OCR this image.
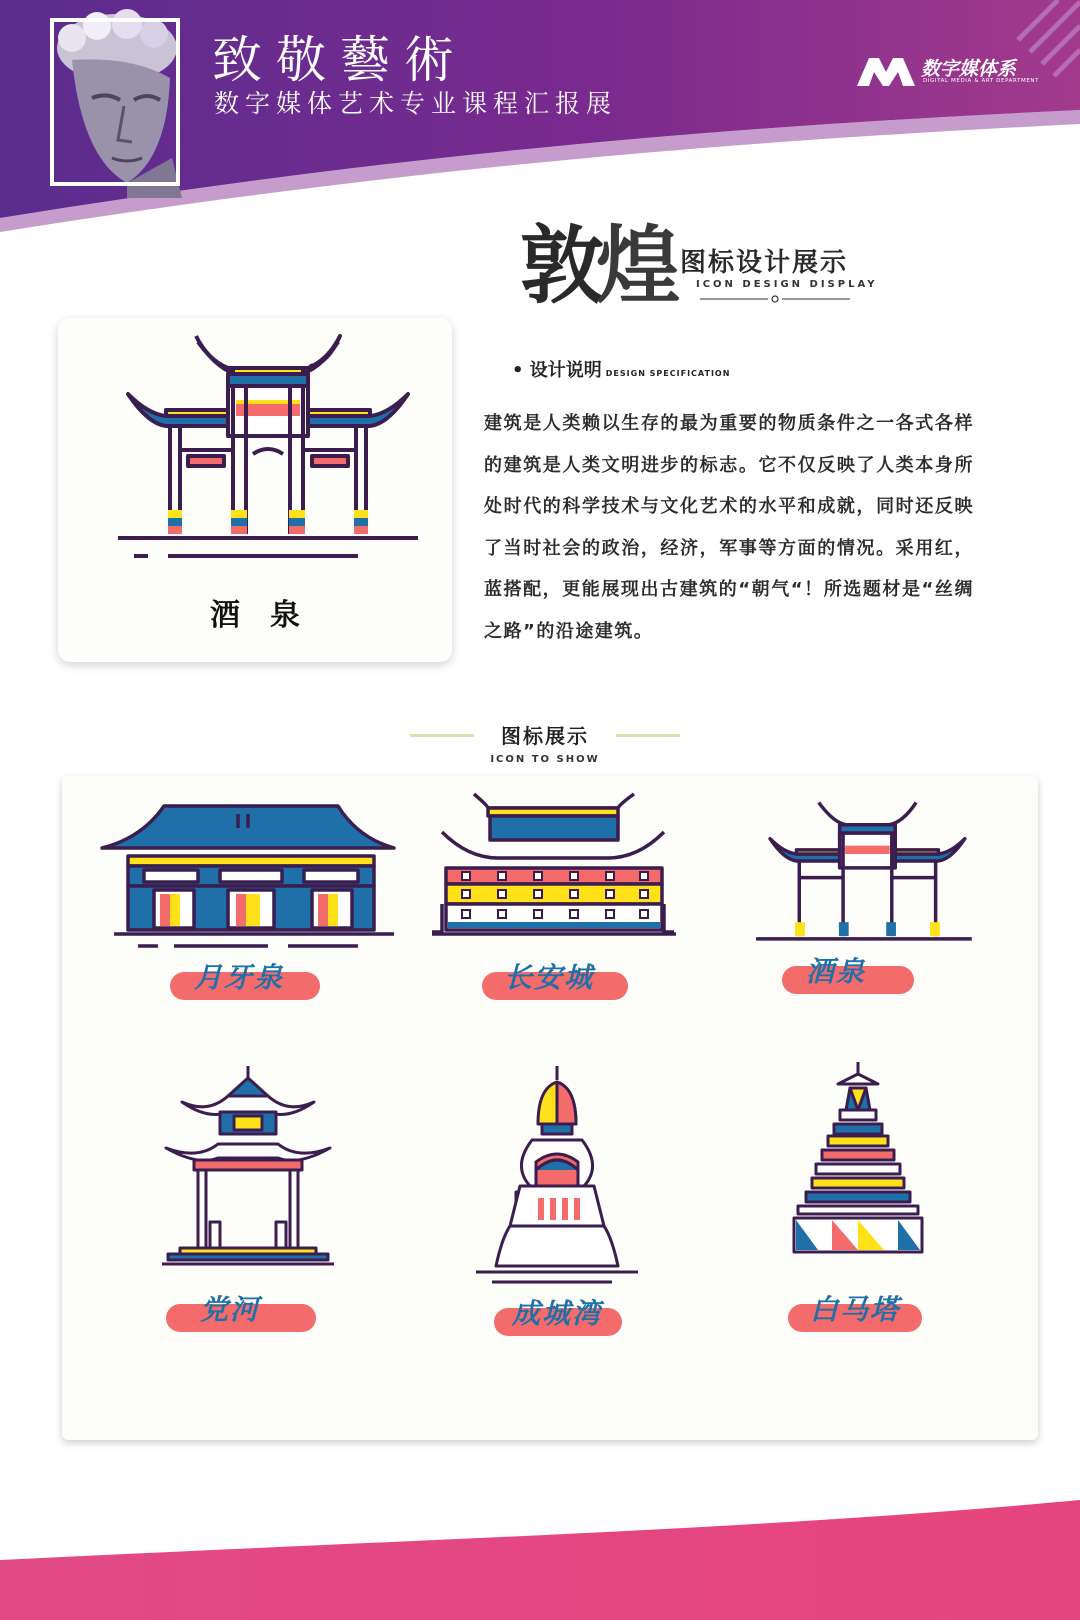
致敬藝術
数字媒体艺术专业课程汇报展
数字媒体系
DIGITAL MEDIA & ART DEPARTMENT
敦煌 图标设计展示
ICON DESIGN DISPLAY
酒泉
• 设计说明 DESIGN SPECIFICATION
建筑是人类赖以生存的最为重要的物质条件之一各式各样的建筑是人类文明进步的标志。它不仅反映了人类本身所处时代的科学技术与文化艺术的水平和成就，同时还反映了当时社会的政治，经济，军事等方面的情况。采用红，蓝搭配，更能展现出古建筑的“朝气“！所选题材是“丝绸之路”的沿途建筑。
图标展示
ICON TO SHOW
月牙泉	长安城	酒泉
党河	成城湾	白马塔
